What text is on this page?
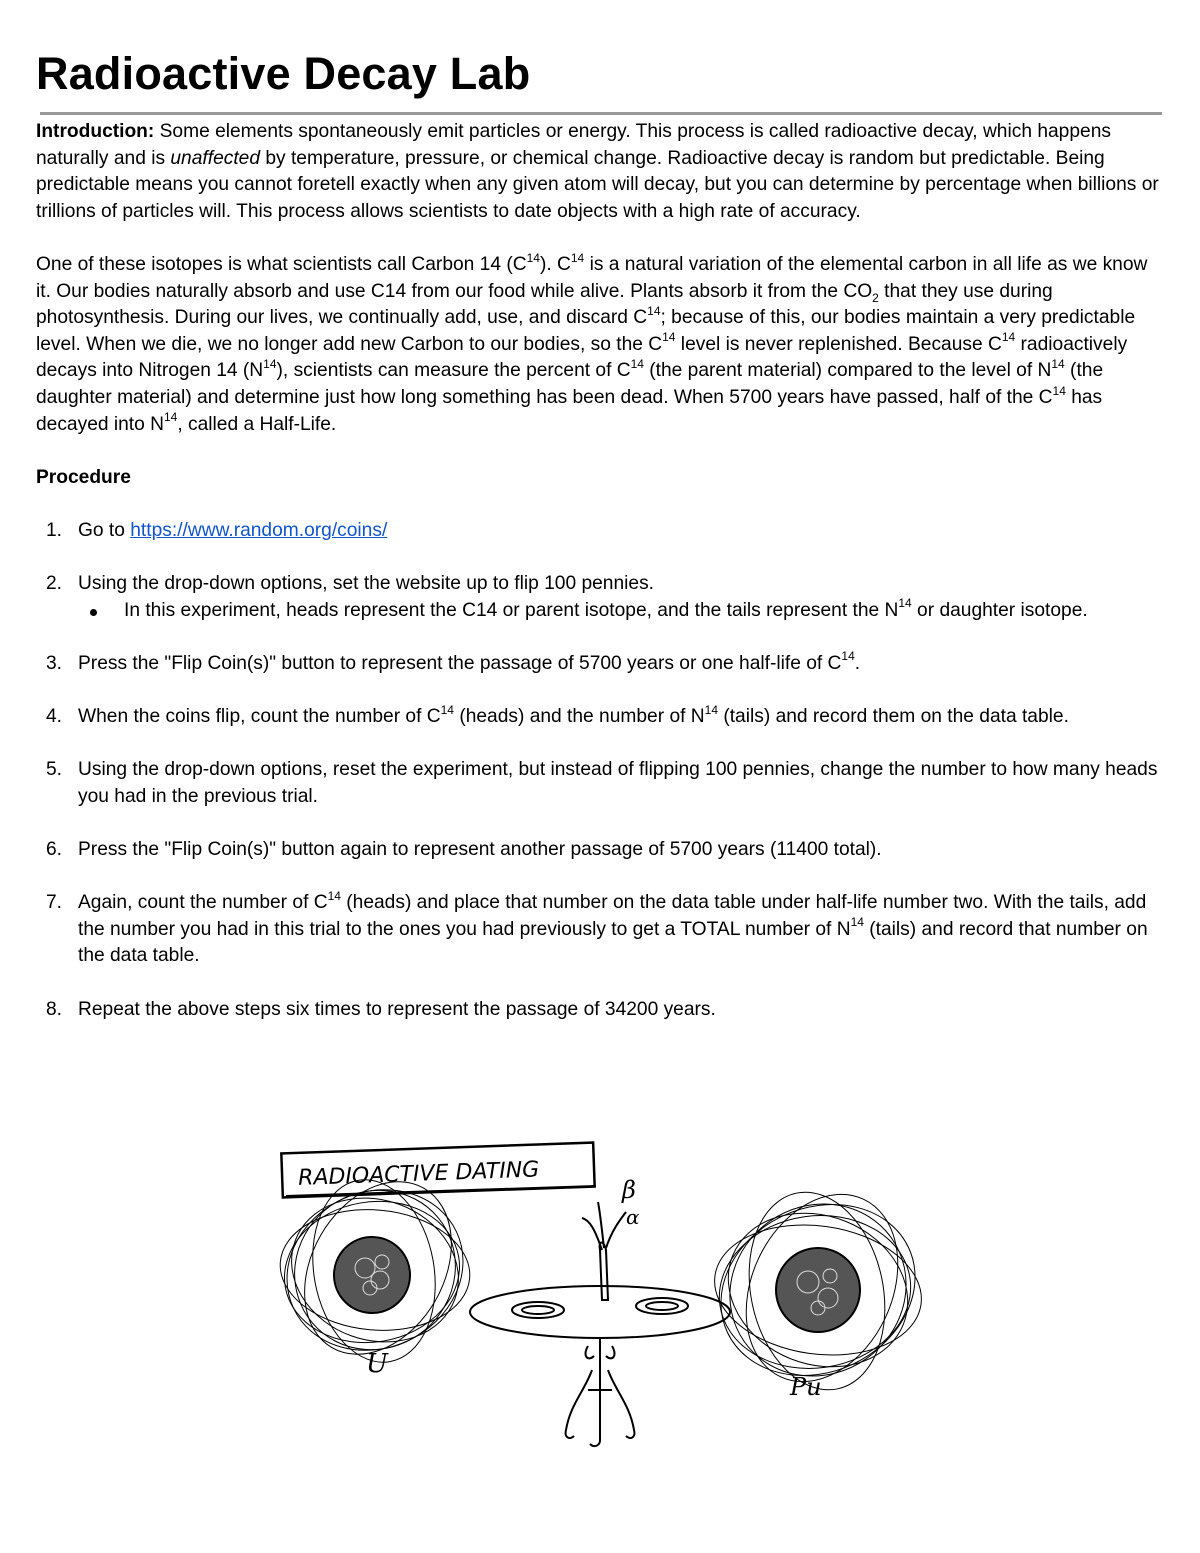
Radioactive Decay Lab

Introduction: Some elements spontaneously emit particles or energy. This process is called radioactive decay, which happens naturally and is unaffected by temperature, pressure, or chemical change. Radioactive decay is random but predictable. Being predictable means you cannot foretell exactly when any given atom will decay, but you can determine by percentage when billions or trillions of particles will. This process allows scientists to date objects with a high rate of accuracy.

One of these isotopes is what scientists call Carbon 14 $(C^{14})$. $C^{14}$ is a natural variation of the elemental carbon in all life as we know it. Our bodies naturally absorb and use C14 from our food while alive. Plants absorb it from the $CO_2$ that they use during photosynthesis. During our lives, we continually add, use, and discard $C^{14}$; because of this, our bodies maintain a very predictable level. When we die, we no longer add new Carbon to our bodies, so the $C^{14}$ level is never replenished. Because $C^{14}$ radioactively decays into Nitrogen 14 $(N^{14})$, scientists can measure the percent of $C^{14}$ (the parent material) compared to the level of $N^{14}$ (the daughter material) and determine just how long something has been dead. When 5700 years have passed, half of the $C^{14}$ has decayed into $N^{14}$, called a Half-Life.

Procedure

1. Go to https://www.random.org/coins/
2. Using the drop-down options, set the website up to flip 100 pennies.
In this experiment, heads represent the C14 or parent isotope, and the tails represent the $N^{14}$ or daughter isotope.
3. Press the "Flip Coin(s)" button to represent the passage of 5700 years or one half-life of $C^{14}$.
4. When the coins flip, count the number of $C^{14}$ (heads) and the number of $N^{14}$ (tails) and record them on the data table.
5. Using the drop-down options, reset the experiment, but instead of flipping 100 pennies, change the number to how many heads you had in the previous trial.
6. Press the "Flip Coin(s)" button again to represent another passage of 5700 years (11400 total).
7. Again, count the number of $C^{14}$ (heads) and place that number on the data table under half-life number two. With the tails, add the number you had in this trial to the ones you had previously to get a TOTAL number of $N^{14}$ (tails) and record that number on the data table.
8. Repeat the above steps six times to represent the passage of 34200 years.
RADIOACTIVE DATING
U
Pu
β
α
